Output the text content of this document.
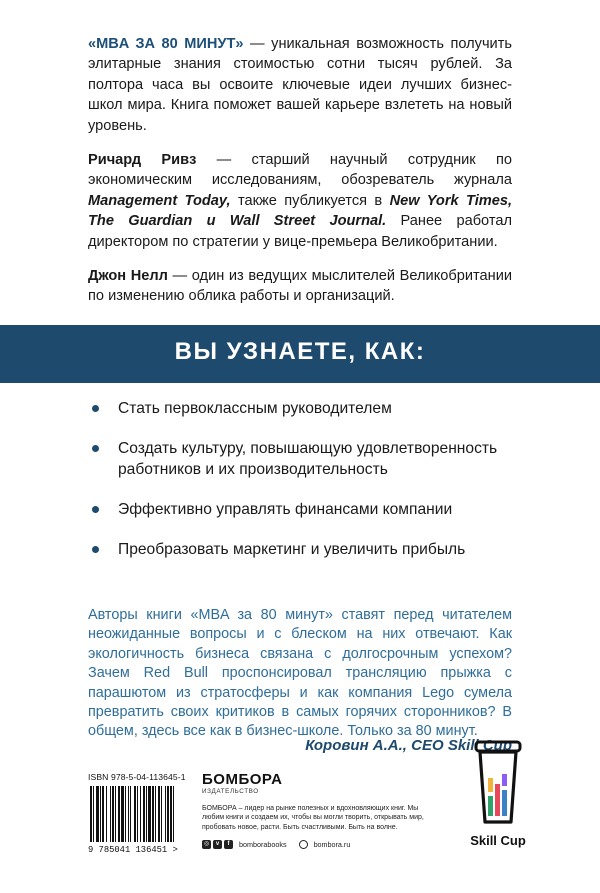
«MBA ЗА 80 МИНУТ» — уникальная возможность получить элитарные знания стоимостью сотни тысяч рублей. За полтора часа вы освоите ключевые идеи лучших бизнес-школ мира. Книга поможет вашей карьере взлететь на новый уровень.

Ричард Ривз — старший научный сотрудник по экономическим исследованиям, обозреватель журнала Management Today, также публикуется в New York Times, The Guardian и Wall Street Journal. Ранее работал директором по стратегии у вице-премьера Великобритании.

Джон Нелл — один из ведущих мыслителей Великобритании по изменению облика работы и организаций.

ВЫ УЗНАЕТЕ, КАК:
Стать первоклассным руководителем
Создать культуру, повышающую удовлетворенность работников и их производительность
Эффективно управлять финансами компании
Преобразовать маркетинг и увеличить прибыль

Авторы книги «MBA за 80 минут» ставят перед читателем неожиданные вопросы и с блеском на них отвечают. Как экологичность бизнеса связана с долгосрочным успехом? Зачем Red Bull проспонсировал трансляцию прыжка с парашютом из стратосферы и как компания Lego сумела превратить своих критиков в самых горячих сторонников? В общем, здесь все как в бизнес-школе. Только за 80 минут.

Коровин А.А., CEO Skill Cup
ISBN 978-5-04-113645-1
9 785041 136451 >
БОМБОРА
ИЗДАТЕЛЬСТВО
БОМБОРА – лидер на рынке полезных и вдохновляющих книг. Мы любим книги и создаем их, чтобы вы могли творить, открывать мир, пробовать новое, расти. Быть счастливыми. Быть на волне.
◎	v	f	bomborabooks	bombora.ru	Skill Cup
